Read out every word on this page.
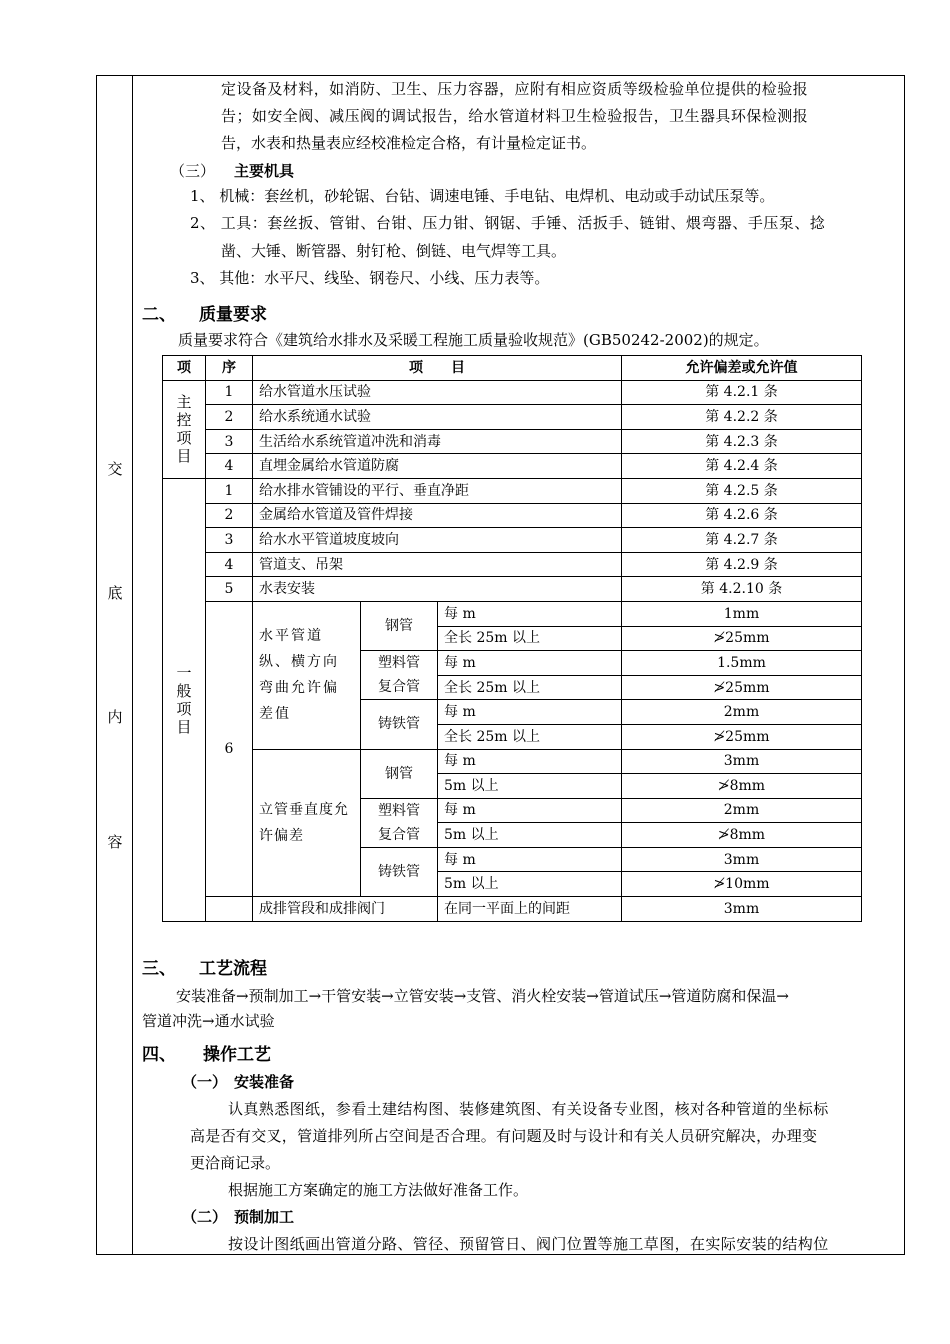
交
底
内
容
定设备及材料，如消防、卫生、压力容器，应附有相应资质等级检验单位提供的检验报
告；如安全阀、减压阀的调试报告，给水管道材料卫生检验报告，卫生器具环保检测报
告，水表和热量表应经校准检定合格，有计量检定证书。
（三） 主要机具
1、 机械：套丝机，砂轮锯、台钻、调速电锤、手电钻、电焊机、电动或手动试压泵等。
2、 工具：套丝扳、管钳、台钳、压力钳、钢锯、手锤、活扳手、链钳、煨弯器、手压泵、捻
凿、大锤、断管器、射钉枪、倒链、电气焊等工具。
3、 其他：水平尺、线坠、钢卷尺、小线、压力表等。
二、 质量要求
质量要求符合《建筑给水排水及采暖工程施工质量验收规范》(GB50242-2002)的规定。
项	序	项　　目			允许偏差或允许值
主控项目	1	给水管道水压试验			第 4.2.1 条
	2	给水系统通水试验			第 4.2.2 条
	3	生活给水系统管道冲洗和消毒			第 4.2.3 条
	4	直埋金属给水管道防腐			第 4.2.4 条
一般项目	1	给水排水管铺设的平行、垂直净距			第 4.2.5 条
	2	金属给水管道及管件焊接			第 4.2.6 条
	3	给水水平管道坡度坡向			第 4.2.7 条
	4	管道支、吊架			第 4.2.9 条
	5	水表安装			第 4.2.10 条
	6	水平管道纵、横方向弯曲允许偏差值	钢管	每 m	1mm
				全长 25m 以上	≯25mm
			塑料管	每 m	1.5mm
			复合管	全长 25m 以上	≯25mm
			铸铁管	每 m	2mm
				全长 25m 以上	≯25mm
		立管垂直度允许偏差	钢管	每 m	3mm
				5m 以上	≯8mm
			塑料管	每 m	2mm
			复合管	5m 以上	≯8mm
			铸铁管	每 m	3mm
				5m 以上	≯10mm
		成排管段和成排阀门		在同一平面上的间距	3mm
三、 工艺流程
安装准备→预制加工→干管安装→立管安装→支管、消火栓安装→管道试压→管道防腐和保温→
管道冲洗→通水试验
四、 操作工艺
（一） 安装准备
认真熟悉图纸，参看土建结构图、装修建筑图、有关设备专业图，核对各种管道的坐标标
高是否有交叉，管道排列所占空间是否合理。有问题及时与设计和有关人员研究解决，办理变
更洽商记录。
根据施工方案确定的施工方法做好准备工作。
（二） 预制加工
按设计图纸画出管道分路、管径、预留管日、阀门位置等施工草图，在实际安装的结构位
